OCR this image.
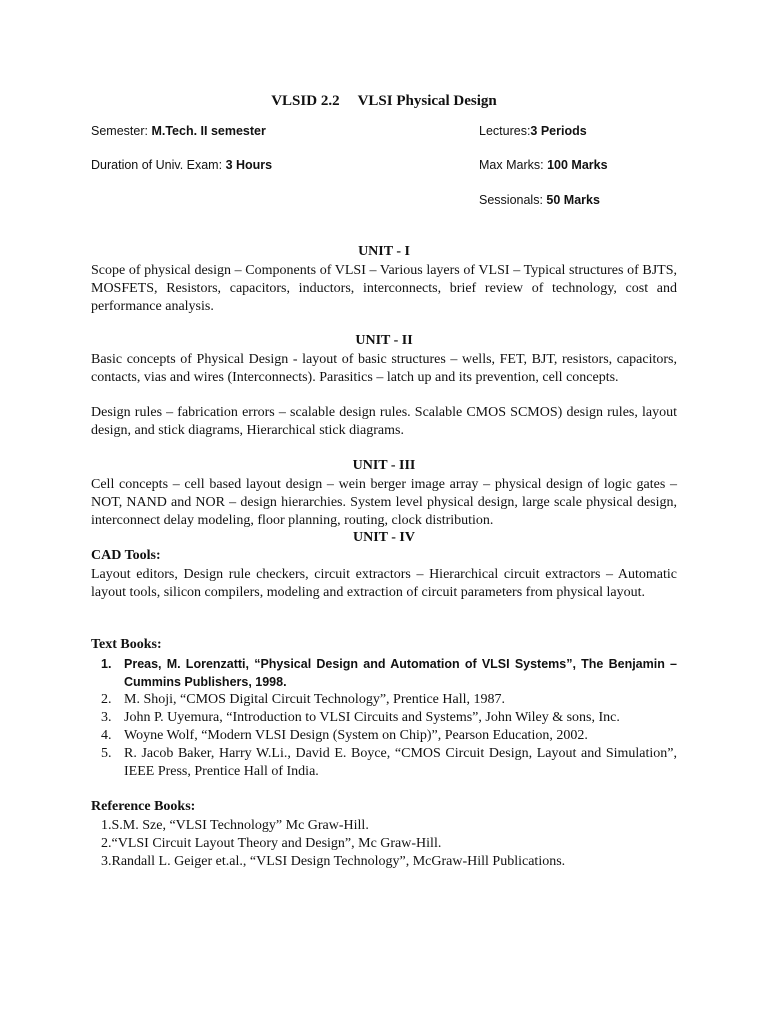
VLSID 2.2 VLSI Physical Design
Semester: M.Tech. II semester
Duration of Univ. Exam: 3 Hours
Lectures:3 Periods
Max Marks: 100 Marks
Sessionals: 50 Marks
UNIT - I
Scope of physical design – Components of VLSI – Various layers of VLSI – Typical structures of BJTS, MOSFETS, Resistors, capacitors, inductors, interconnects, brief review of technology, cost and performance analysis.
UNIT - II
Basic concepts of Physical Design - layout of basic structures – wells, FET, BJT, resistors, capacitors, contacts, vias and wires (Interconnects). Parasitics – latch up and its prevention, cell concepts.
Design rules – fabrication errors – scalable design rules. Scalable CMOS SCMOS) design rules, layout design, and stick diagrams, Hierarchical stick diagrams.
UNIT - III
Cell concepts – cell based layout design – wein berger image array – physical design of logic gates – NOT, NAND and NOR – design hierarchies. System level physical design, large scale physical design, interconnect delay modeling, floor planning, routing, clock distribution.
UNIT - IV
CAD Tools:
Layout editors, Design rule checkers, circuit extractors – Hierarchical circuit extractors – Automatic layout tools, silicon compilers, modeling and extraction of circuit parameters from physical layout.
Text Books:
1. Preas, M. Lorenzatti, “Physical Design and Automation of VLSI Systems”, The Benjamin – Cummins Publishers, 1998.
2. M. Shoji, “CMOS Digital Circuit Technology”, Prentice Hall, 1987.
3. John P. Uyemura, “Introduction to VLSI Circuits and Systems”, John Wiley & sons, Inc.
4. Woyne Wolf, “Modern VLSI Design (System on Chip)”, Pearson Education, 2002.
5. R. Jacob Baker, Harry W.Li., David E. Boyce, “CMOS Circuit Design, Layout and Simulation”, IEEE Press, Prentice Hall of India.
Reference Books:
1.S.M. Sze, “VLSI Technology” Mc Graw-Hill.
2.“VLSI Circuit Layout Theory and Design”, Mc Graw-Hill.
3.Randall L. Geiger et.al., “VLSI Design Technology”, McGraw-Hill Publications.
